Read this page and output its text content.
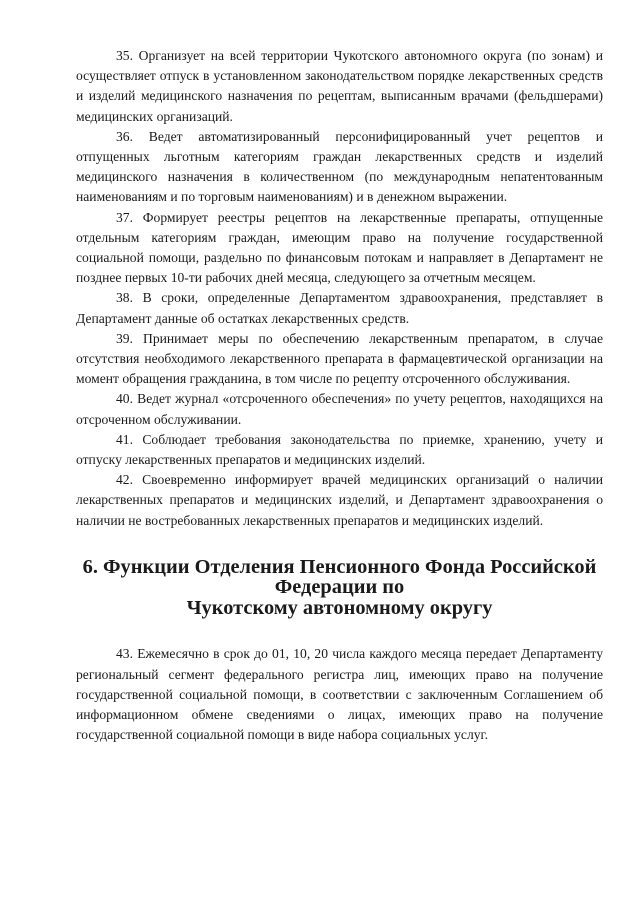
35. Организует на всей территории Чукотского автономного округа (по зонам) и осуществляет отпуск в установленном законодательством порядке лекарственных средств и изделий медицинского назначения по рецептам, выписанным врачами (фельдшерами) медицинских организаций.

36. Ведет автоматизированный персонифицированный учет рецептов и отпущенных льготным категориям граждан лекарственных средств и изделий медицинского назначения в количественном (по международным непатентованным наименованиям и по торговым наименованиям) и в денежном выражении.

37. Формирует реестры рецептов на лекарственные препараты, отпущенные отдельным категориям граждан, имеющим право на получение государственной социальной помощи, раздельно по финансовым потокам и направляет в Департамент не позднее первых 10-ти рабочих дней месяца, следующего за отчетным месяцем.

38. В сроки, определенные Департаментом здравоохранения, представляет в Департамент данные об остатках лекарственных средств.

39. Принимает меры по обеспечению лекарственным препаратом, в случае отсутствия необходимого лекарственного препарата в фармацевтической организации на момент обращения гражданина, в том числе по рецепту отсроченного обслуживания.

40. Ведет журнал «отсроченного обеспечения» по учету рецептов, находящихся на отсроченном обслуживании.

41. Соблюдает требования законодательства по приемке, хранению, учету и отпуску лекарственных препаратов и медицинских изделий.

42. Своевременно информирует врачей медицинских организаций о наличии лекарственных препаратов и медицинских изделий, и Департамент здравоохранения о наличии не востребованных лекарственных препаратов и медицинских изделий.

6. Функции Отделения Пенсионного Фонда Российской Федерации по
Чукотскому автономному округу

43. Ежемесячно в срок до 01, 10, 20 числа каждого месяца передает Департаменту региональный сегмент федерального регистра лиц, имеющих право на получение государственной социальной помощи, в соответствии с заключенным Соглашением об информационном обмене сведениями о лицах, имеющих право на получение государственной социальной помощи в виде набора социальных услуг.
